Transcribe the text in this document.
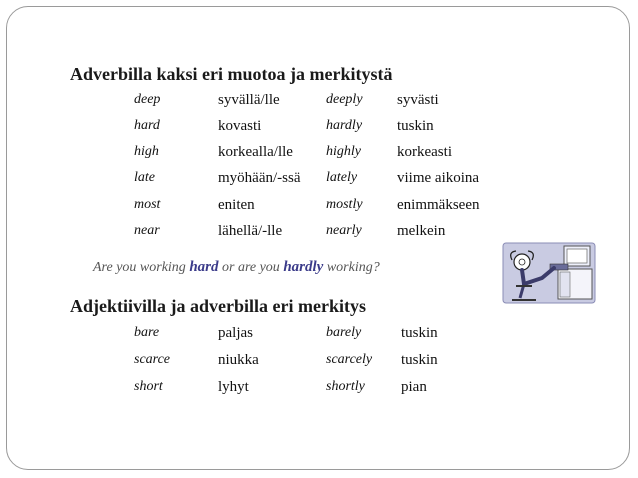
Adverbilla kaksi eri muotoa ja merkitystä
deep	syvällä/lle	deeply syvästi
hard	kovasti	hardly tuskin
high	korkealla/lle highly korkeasti
late	myöhään/-ssä lately	viime aikoina
most	eniten	mostly enimmäkseen
near	lähellä/-lle	nearly melkein
Are you working hard or are you hardly working?
Adjektiivilla ja adverbilla eri merkitys
bare	paljas	barely	tuskin
scarce	niukka	scarcely tuskin
short	lyhyt	shortly pian
